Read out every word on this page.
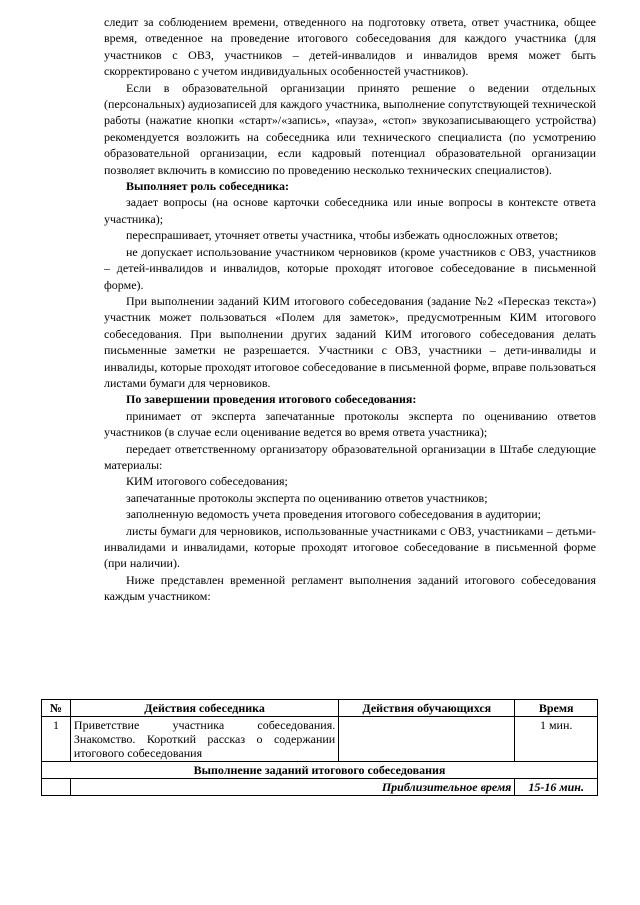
следит за соблюдением времени, отведенного на подготовку ответа, ответ участника, общее время, отведенное на проведение итогового собеседования для каждого участника (для участников с ОВЗ, участников – детей-инвалидов и инвалидов время может быть скорректировано с учетом индивидуальных особенностей участников).

Если в образовательной организации принято решение о ведении отдельных (персональных) аудиозаписей для каждого участника, выполнение сопутствующей технической работы (нажатие кнопки «старт»/«запись», «пауза», «стоп» звукозаписывающего устройства) рекомендуется возложить на собеседника или технического специалиста (по усмотрению образовательной организации, если кадровый потенциал образовательной организации позволяет включить в комиссию по проведению несколько технических специалистов).

Выполняет роль собеседника:

задает вопросы (на основе карточки собеседника или иные вопросы в контексте ответа участника);

переспрашивает, уточняет ответы участника, чтобы избежать односложных ответов;

не допускает использование участником черновиков (кроме участников с ОВЗ, участников – детей-инвалидов и инвалидов, которые проходят итоговое собеседование в письменной форме).

При выполнении заданий КИМ итогового собеседования (задание №2 «Пересказ текста») участник может пользоваться «Полем для заметок», предусмотренным КИМ итогового собеседования. При выполнении других заданий КИМ итогового собеседования делать письменные заметки не разрешается. Участники с ОВЗ, участники – дети-инвалиды и инвалиды, которые проходят итоговое собеседование в письменной форме, вправе пользоваться листами бумаги для черновиков.

По завершении проведения итогового собеседования:

принимает от эксперта запечатанные протоколы эксперта по оцениванию ответов участников (в случае если оценивание ведется во время ответа участника);

передает ответственному организатору образовательной организации в Штабе следующие материалы:

КИМ итогового собеседования;

запечатанные протоколы эксперта по оцениванию ответов участников;

заполненную ведомость учета проведения итогового собеседования в аудитории;

листы бумаги для черновиков, использованные участниками с ОВЗ, участниками – детьми-инвалидами и инвалидами, которые проходят итоговое собеседование в письменной форме (при наличии).

Ниже представлен временной регламент выполнения заданий итогового собеседования каждым участником:

№	Действия собеседника	Действия обучающихся	Время
1	Приветствие участника собеседования. Знакомство. Короткий рассказ о содержании итогового собеседования		1 мин.
Выполнение заданий итогового собеседования			
	Приблизительное время		15-16 мин.
